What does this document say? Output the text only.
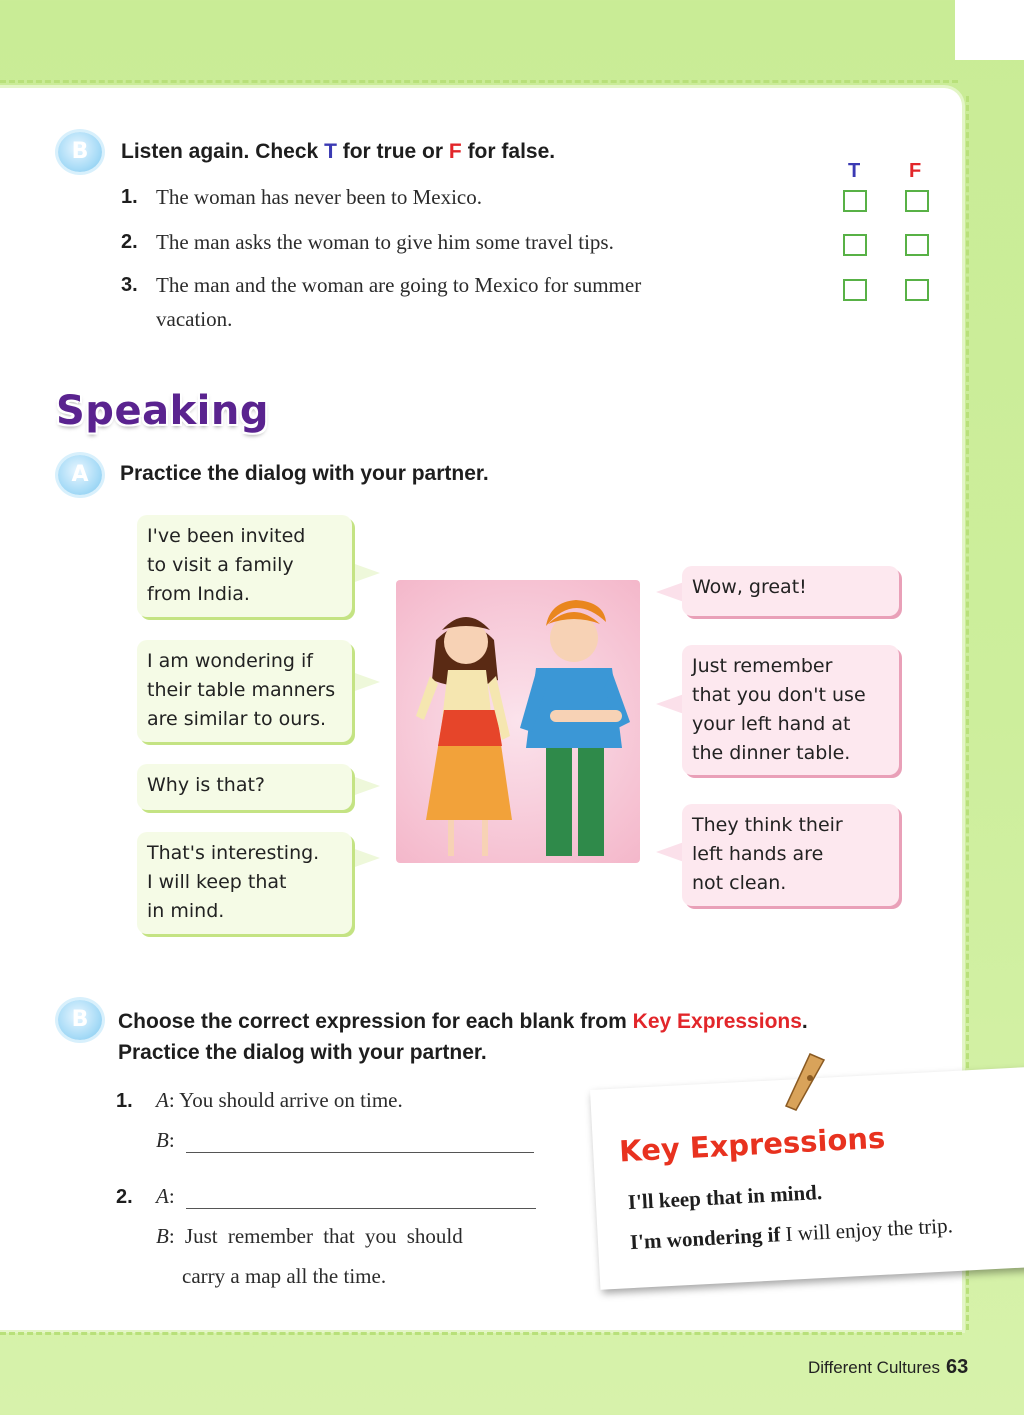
B	Listen again. Check T for true or F for false.
T F
1. The woman has never been to Mexico.
2. The man asks the woman to give him some travel tips.
3. The man and the woman are going to Mexico for summer
vacation.
Speaking
A	Practice the dialog with your partner.
I've been invited
to visit a family
from India.
I am wondering if
their table manners
are similar to ours.
Why is that?
That's interesting.
I will keep that
in mind.
Wow, great!
Just remember
that you don't use
your left hand at
the dinner table.
They think their
left hands are
not clean.
B	Choose the correct expression for each blank from Key Expressions.
Practice the dialog with your partner.
1. A: You should arrive on time.
B:
2. A:
B: Just remember that you should
carry a map all the time.
Key Expressions
I'll keep that in mind.
I'm wondering if I will enjoy the trip.
Different Cultures 63
